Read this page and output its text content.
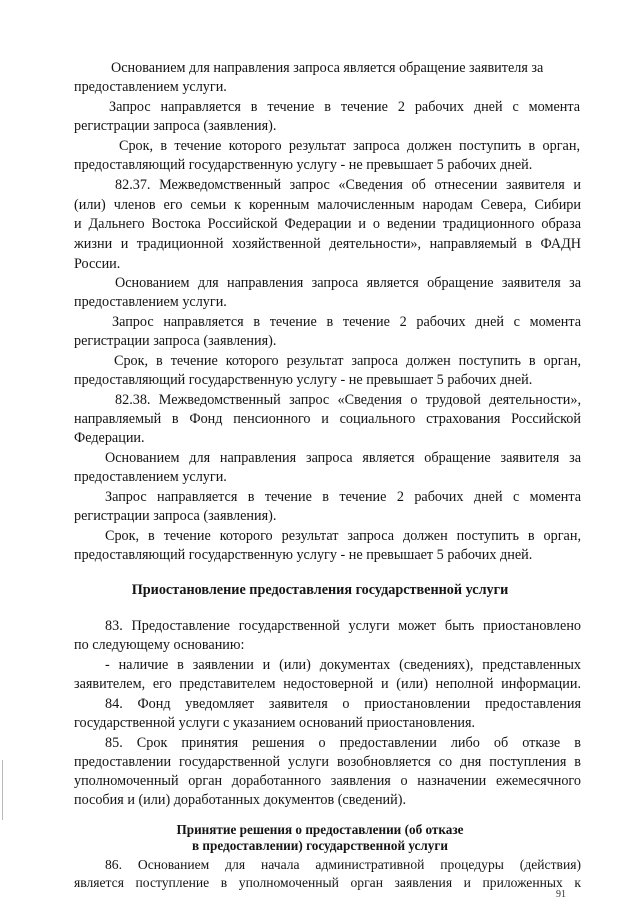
Основанием для направления запроса является обращение заявителя за

предоставлением услуги.

Запрос направляется в течение в течение 2 рабочих дней с момента

регистрации запроса (заявления).

Срок, в течение которого результат запроса должен поступить в орган,

предоставляющий государственную услугу - не превышает 5 рабочих дней.

82.37. Межведомственный запрос «Сведения об отнесении заявителя и

(или) членов его семьи к коренным малочисленным народам Севера, Сибири

и Дальнего Востока Российской Федерации и о ведении традиционного образа

жизни и традиционной хозяйственной деятельности», направляемый в ФАДН

России.

Основанием для направления запроса является обращение заявителя за

предоставлением услуги.

Запрос направляется в течение в течение 2 рабочих дней с момента

регистрации запроса (заявления).

Срок, в течение которого результат запроса должен поступить в орган,

предоставляющий государственную услугу - не превышает 5 рабочих дней.

82.38. Межведомственный запрос «Сведения о трудовой деятельности»,

направляемый в Фонд пенсионного и социального страхования Российской

Федерации.

Основанием для направления запроса является обращение заявителя за

предоставлением услуги.

Запрос направляется в течение в течение 2 рабочих дней с момента

регистрации запроса (заявления).

Срок, в течение которого результат запроса должен поступить в орган,

предоставляющий государственную услугу - не превышает 5 рабочих дней.

Приостановление предоставления государственной услуги

83. Предоставление государственной услуги может быть приостановлено

по следующему основанию:

- наличие в заявлении и (или) документах (сведениях), представленных

заявителем, его представителем недостоверной и (или) неполной информации.

84. Фонд уведомляет заявителя о приостановлении предоставления

государственной услуги с указанием оснований приостановления.

85. Срок принятия решения о предоставлении либо об отказе в

предоставлении государственной услуги возобновляется со дня поступления в

уполномоченный орган доработанного заявления о назначении ежемесячного

пособия и (или) доработанных документов (сведений).

Принятие решения о предоставлении (об отказе

в предоставлении) государственной услуги

86. Основанием для начала административной процедуры (действия)

является поступление в уполномоченный орган заявления и приложенных к

91
